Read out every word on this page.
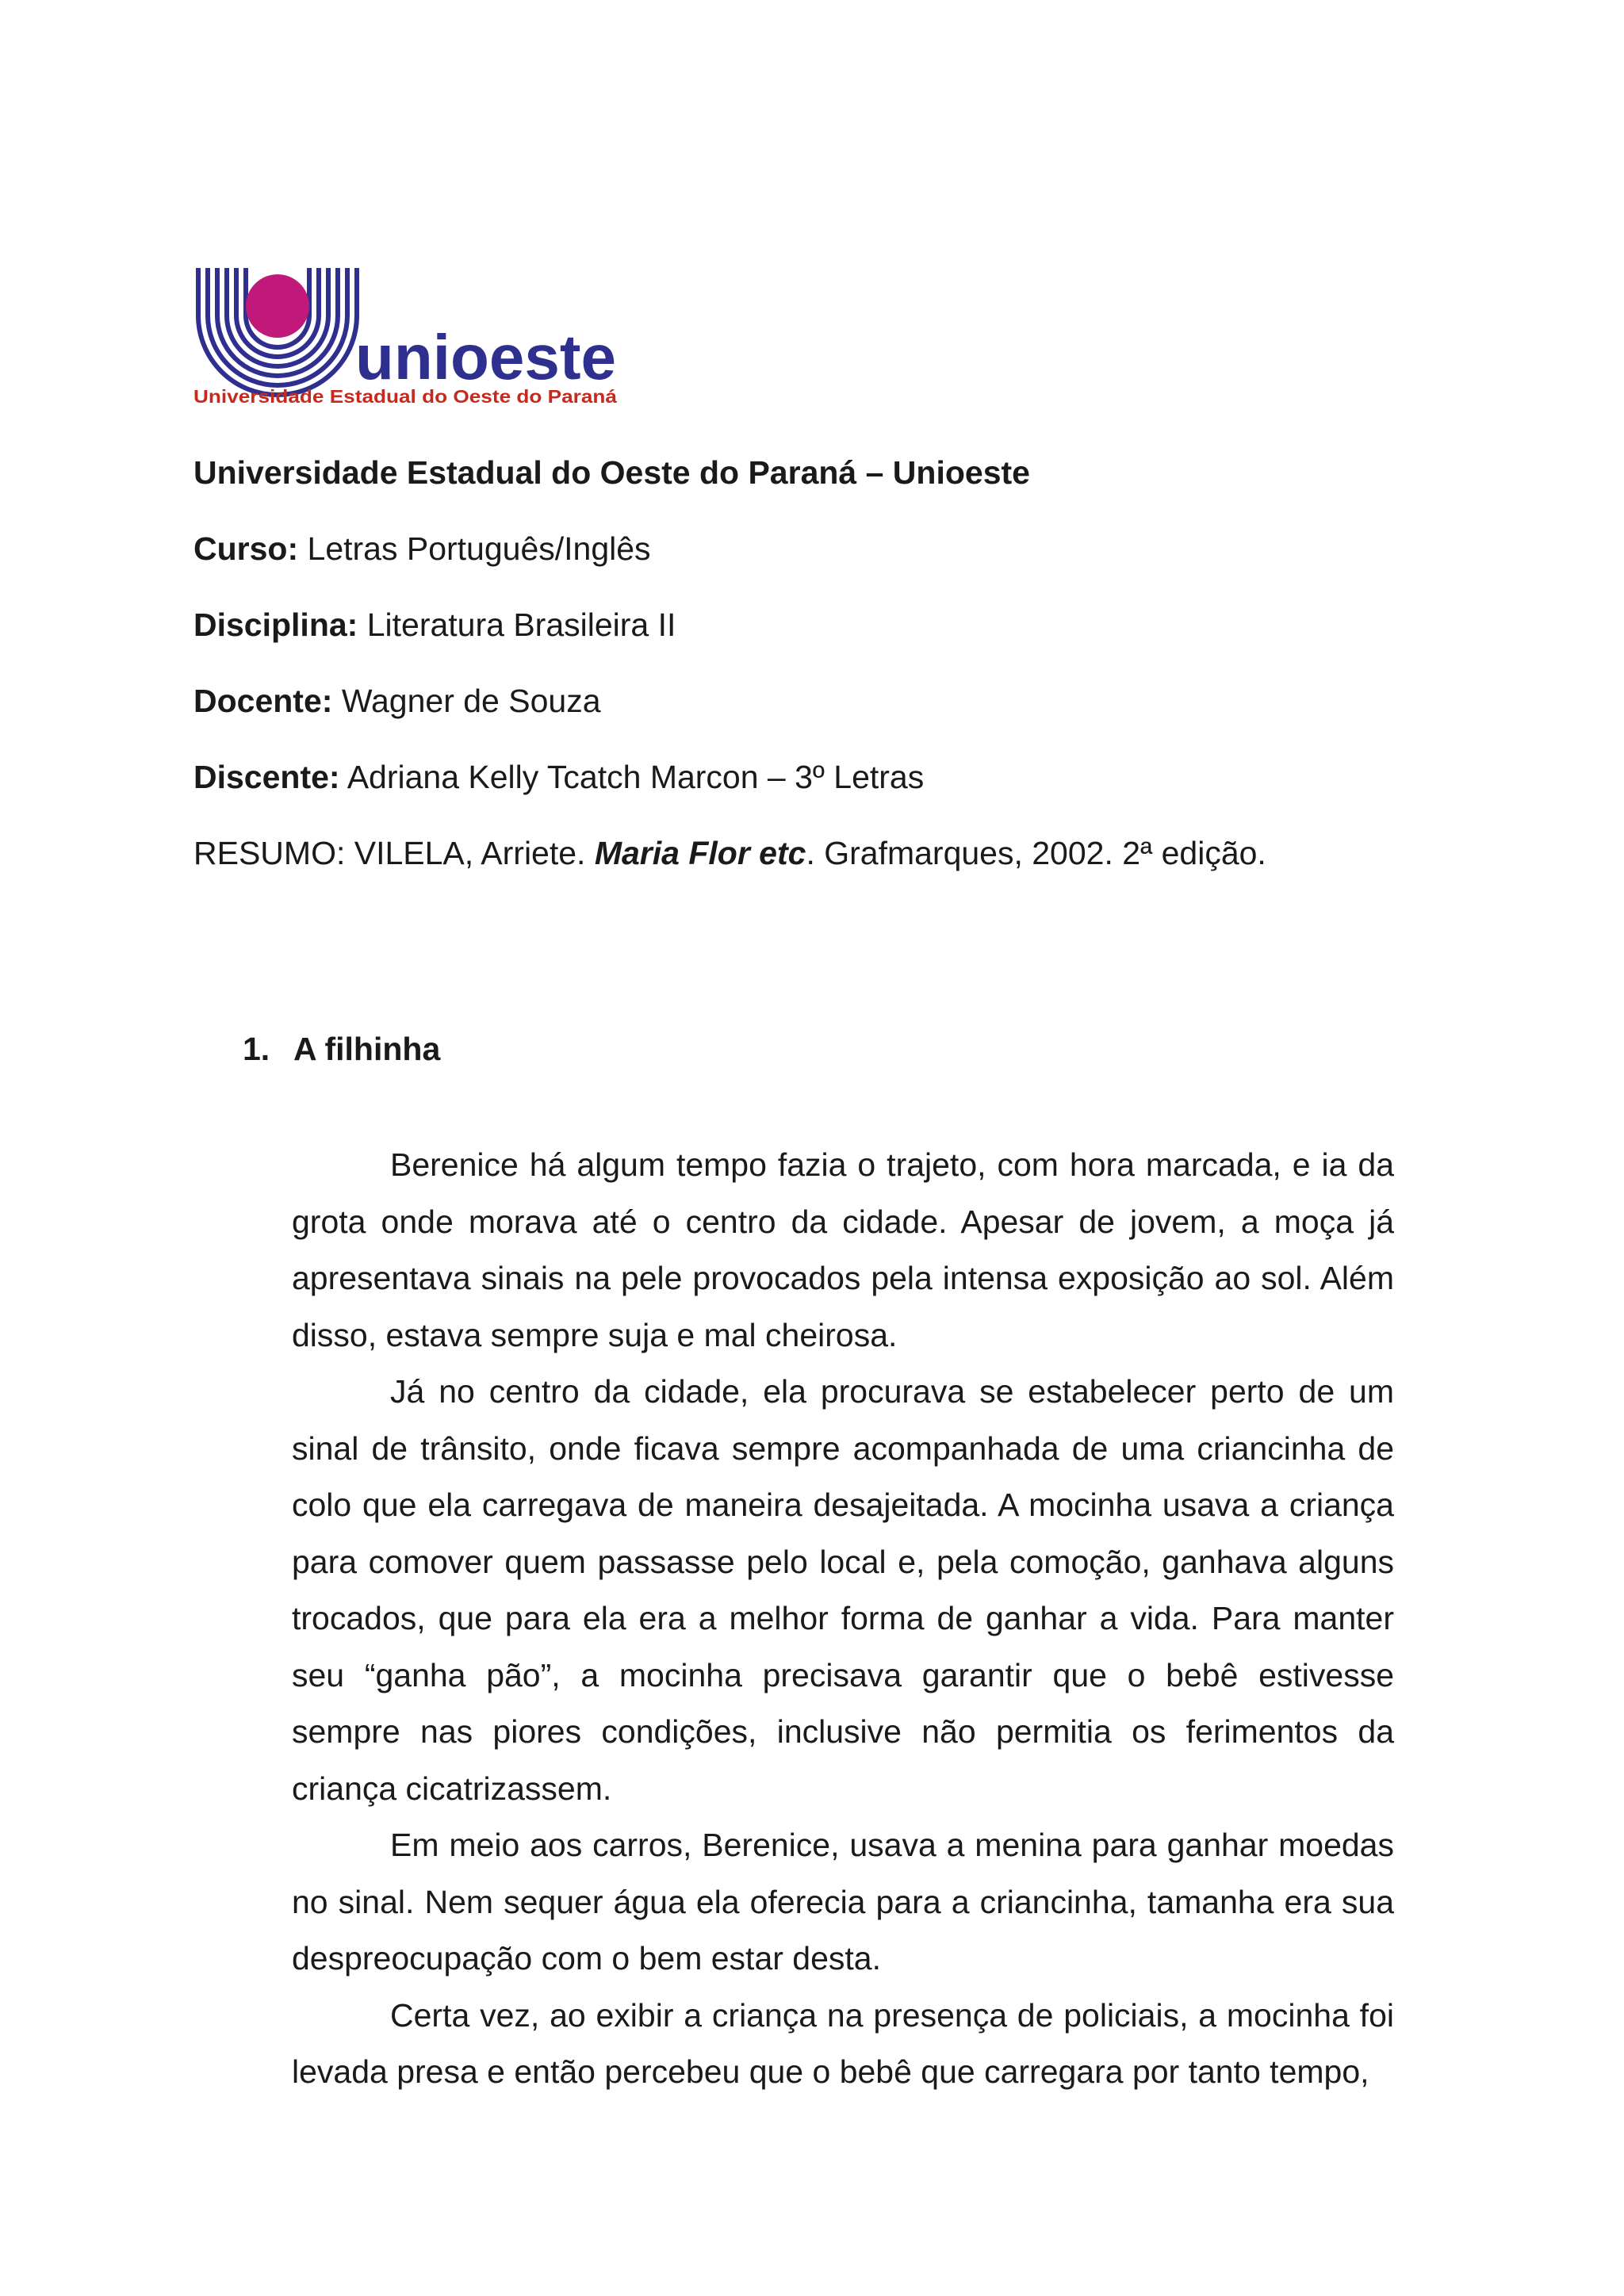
unioeste
Universidade Estadual do Oeste do Paraná
Universidade Estadual do Oeste do Paraná – Unioeste
Curso: Letras Português/Inglês
Disciplina: Literatura Brasileira II
Docente: Wagner de Souza
Discente: Adriana Kelly Tcatch Marcon – 3º Letras
RESUMO: VILELA, Arriete. Maria Flor etc. Grafmarques, 2002. 2ª edição.
1. A filhinha

Berenice há algum tempo fazia o trajeto, com hora marcada, e ia da grota onde morava até o centro da cidade. Apesar de jovem, a moça já apresentava sinais na pele provocados pela intensa exposição ao sol. Além disso, estava sempre suja e mal cheirosa.

Já no centro da cidade, ela procurava se estabelecer perto de um sinal de trânsito, onde ficava sempre acompanhada de uma criancinha de colo que ela carregava de maneira desajeitada. A mocinha usava a criança para comover quem passasse pelo local e, pela comoção, ganhava alguns trocados, que para ela era a melhor forma de ganhar a vida. Para manter seu “ganha pão”, a mocinha precisava garantir que o bebê estivesse sempre nas piores condições, inclusive não permitia os ferimentos da criança cicatrizassem.

Em meio aos carros, Berenice, usava a menina para ganhar moedas no sinal. Nem sequer água ela oferecia para a criancinha, tamanha era sua despreocupação com o bem estar desta.

Certa vez, ao exibir a criança na presença de policiais, a mocinha foi levada presa e então percebeu que o bebê que carregara por tanto tempo,
